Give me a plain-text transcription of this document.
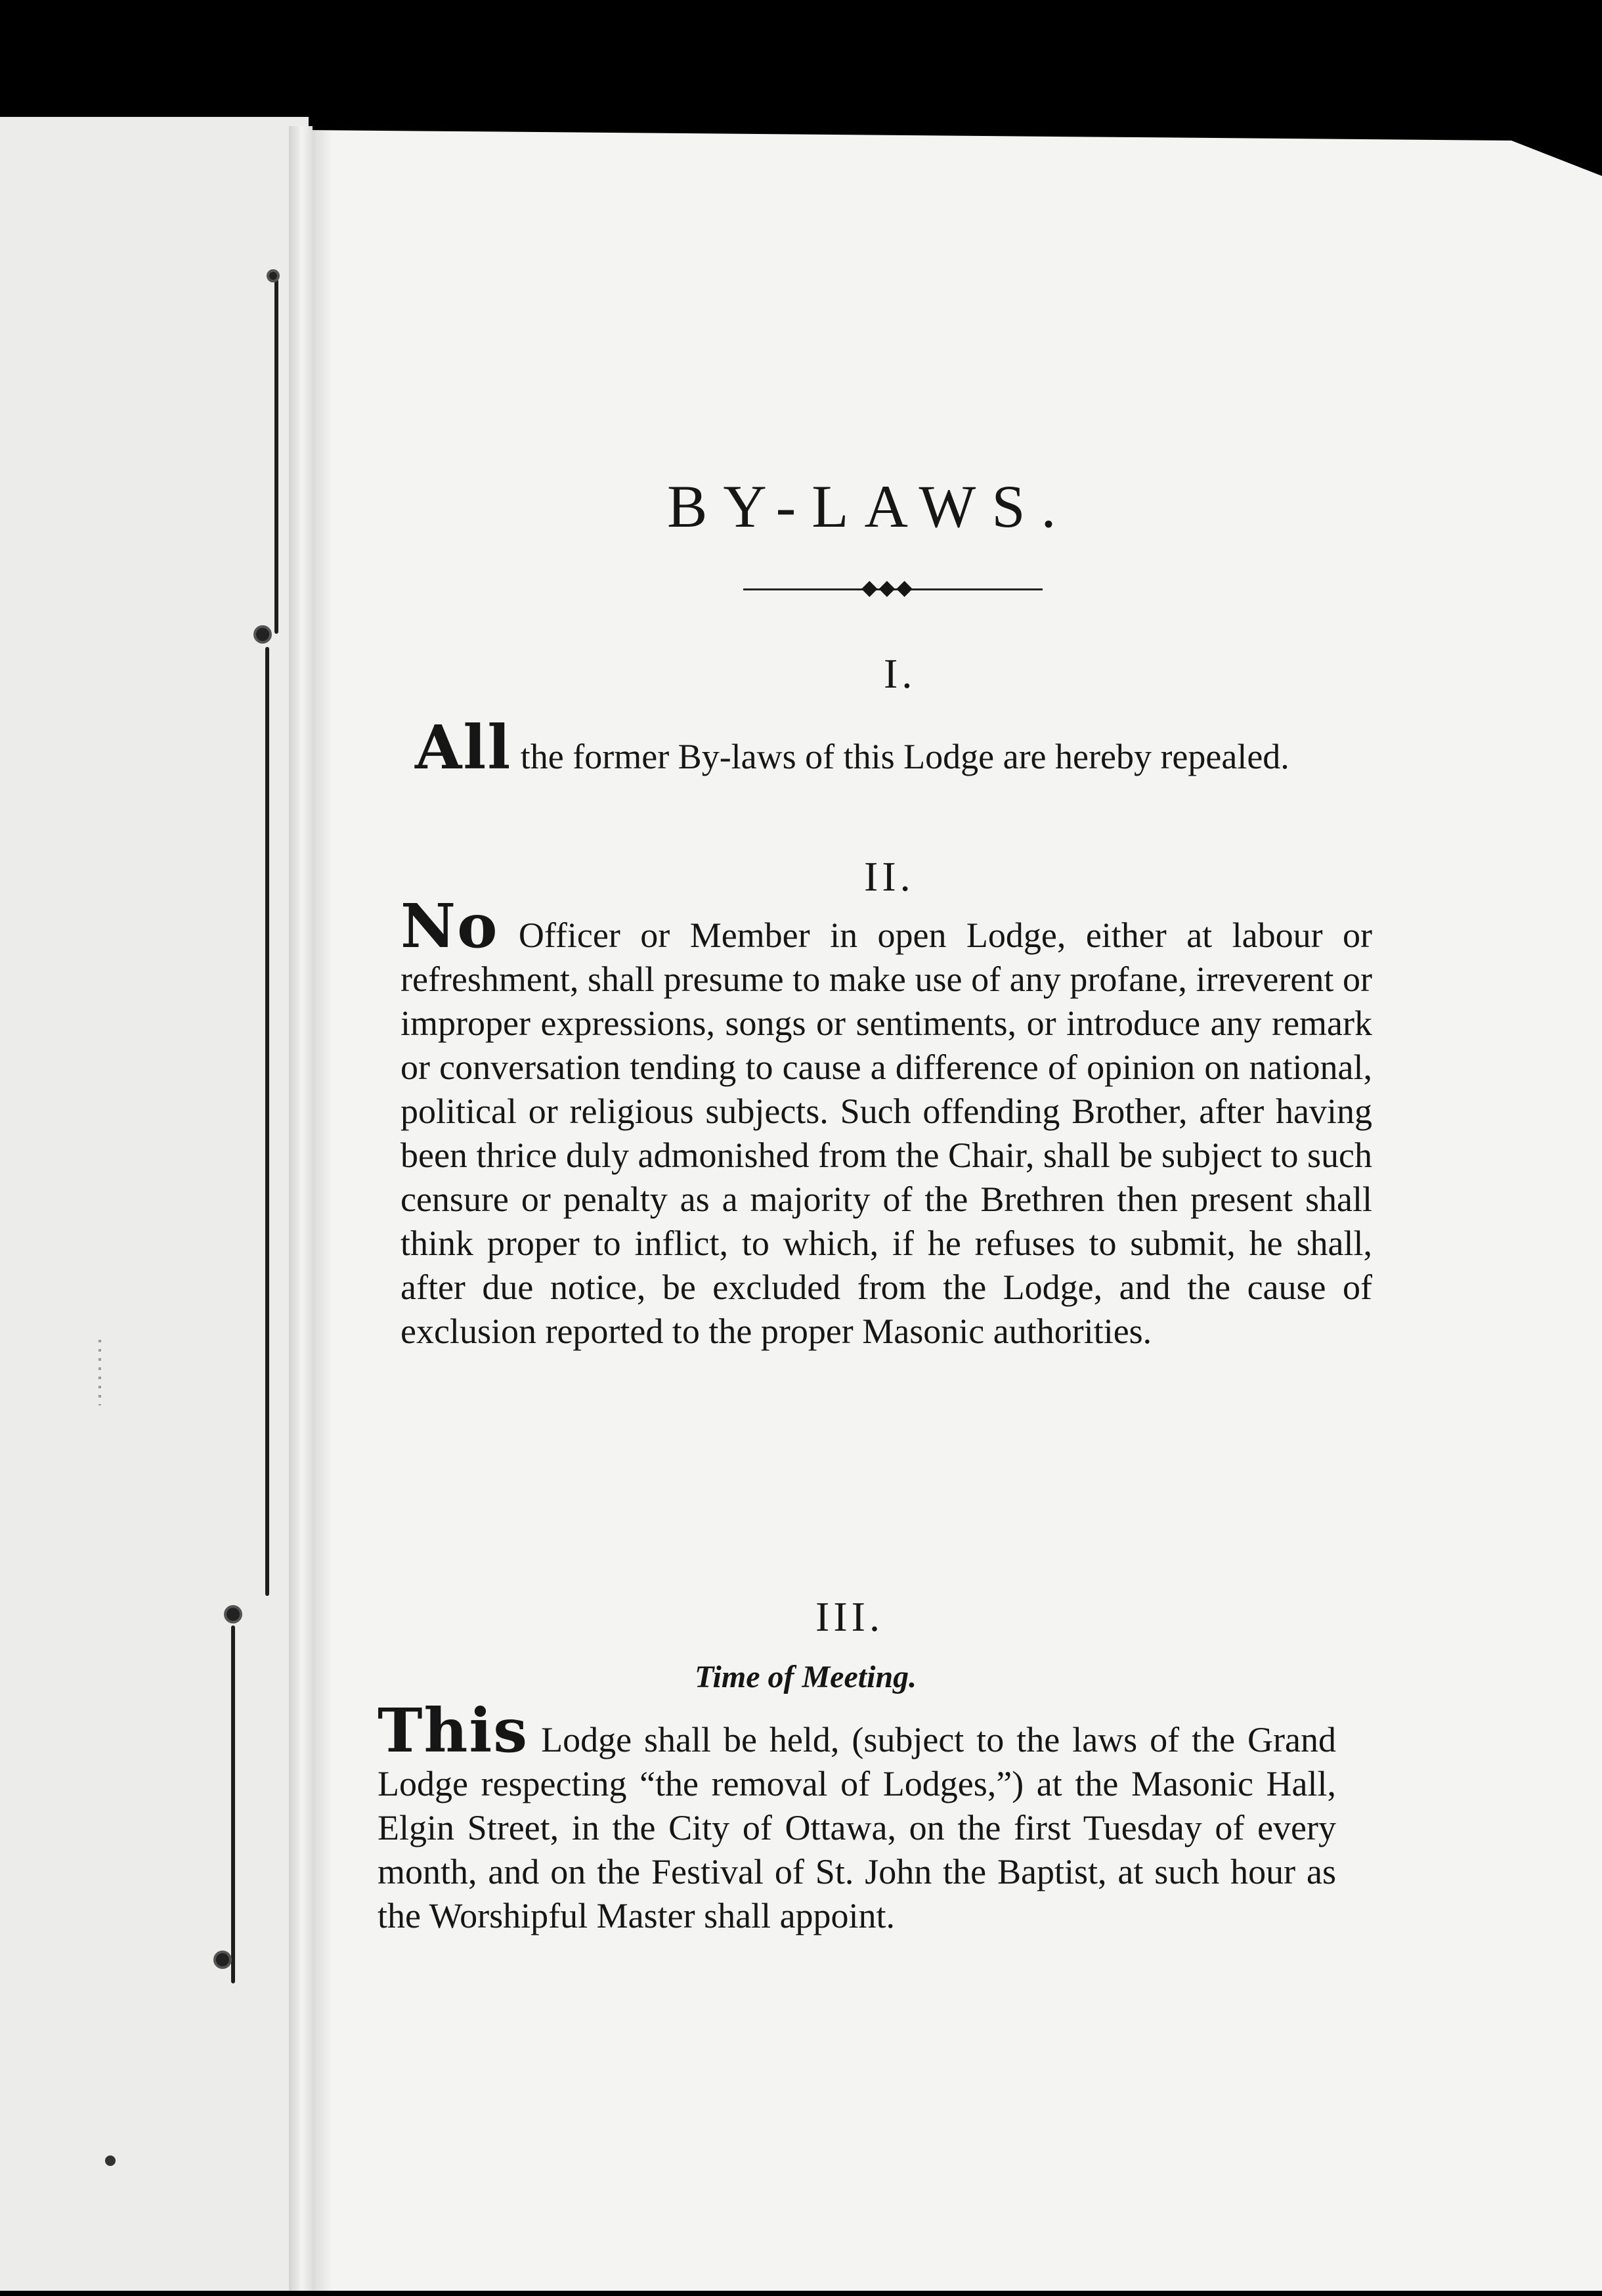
BY-LAWS.
◆◆◆
I.

All the former By-laws of this Lodge are hereby repealed.

II.

No Officer or Member in open Lodge, either at labour or refreshment, shall presume to make use of any profane, irreverent or improper expressions, songs or sentiments, or introduce any remark or conversation tending to cause a difference of opinion on national, political or religious subjects. Such offending Brother, after having been thrice duly admonished from the Chair, shall be subject to such censure or penalty as a majority of the Brethren then present shall think proper to inflict, to which, if he refuses to submit, he shall, after due notice, be excluded from the Lodge, and the cause of exclusion reported to the proper Masonic authorities.

III.
Time of Meeting.

This Lodge shall be held, (subject to the laws of the Grand Lodge respecting “the removal of Lodges,”) at the Masonic Hall, Elgin Street, in the City of Ottawa, on the first Tuesday of every month, and on the Festival of St. John the Baptist, at such hour as the Worshipful Master shall appoint.
